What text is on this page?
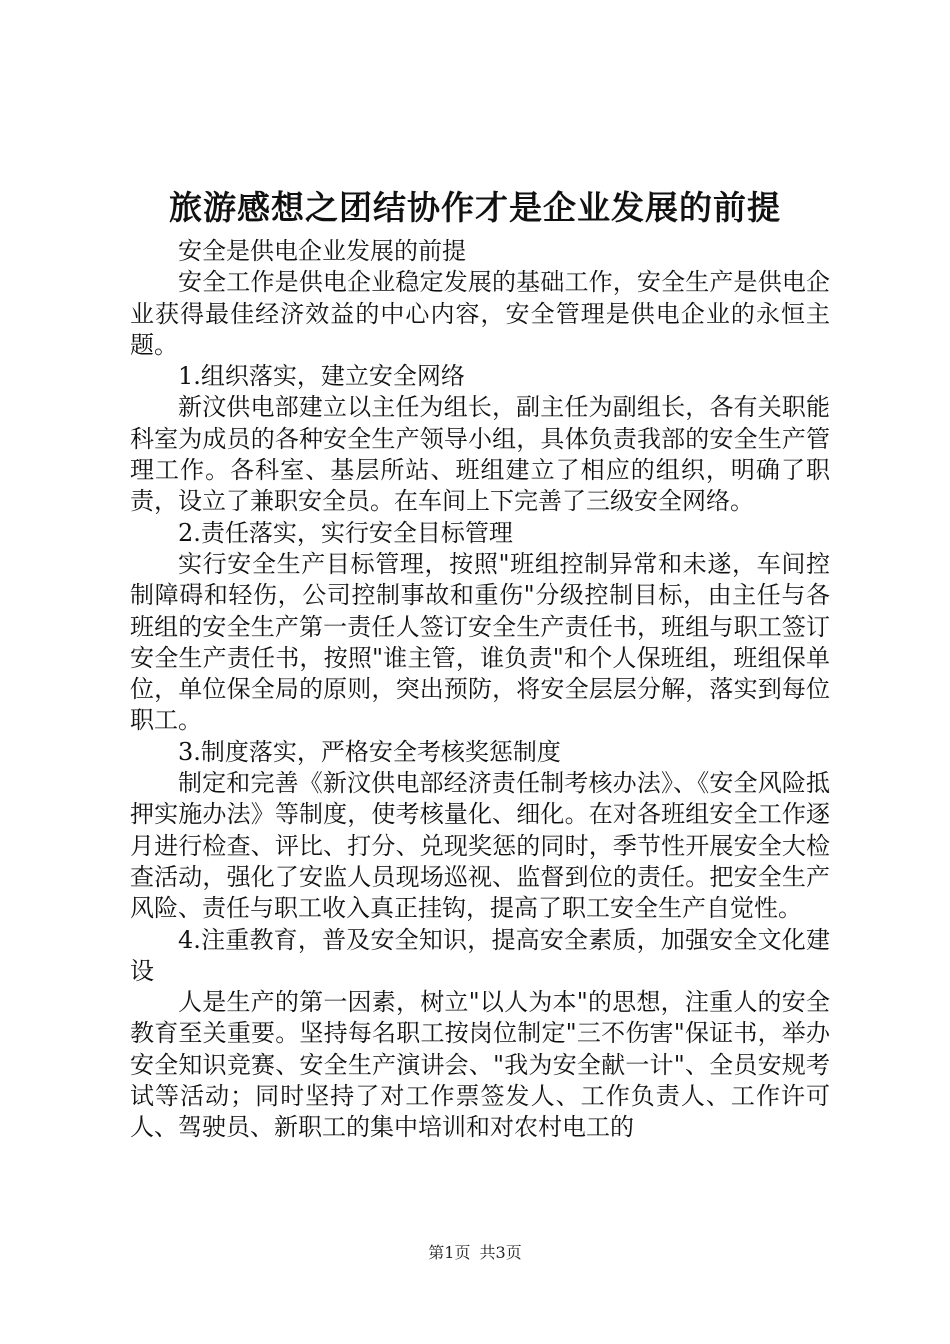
旅游感想之团结协作才是企业发展的前提

安全是供电企业发展的前提

安全工作是供电企业稳定发展的基础工作，安全生产是供电企业获得最佳经济效益的中心内容，安全管理是供电企业的永恒主题。

1.组织落实，建立安全网络

新汶供电部建立以主任为组长，副主任为副组长，各有关职能科室为成员的各种安全生产领导小组，具体负责我部的安全生产管理工作。各科室、基层所站、班组建立了相应的组织，明确了职责，设立了兼职安全员。在车间上下完善了三级安全网络。

2.责任落实，实行安全目标管理

实行安全生产目标管理，按照"班组控制异常和未遂，车间控制障碍和轻伤，公司控制事故和重伤"分级控制目标，由主任与各班组的安全生产第一责任人签订安全生产责任书，班组与职工签订安全生产责任书，按照"谁主管，谁负责"和个人保班组，班组保单位，单位保全局的原则，突出预防，将安全层层分解，落实到每位职工。

3.制度落实，严格安全考核奖惩制度

制定和完善《新汶供电部经济责任制考核办法》、《安全风险抵押实施办法》等制度，使考核量化、细化。在对各班组安全工作逐月进行检查、评比、打分、兑现奖惩的同时，季节性开展安全大检查活动，强化了安监人员现场巡视、监督到位的责任。把安全生产风险、责任与职工收入真正挂钩，提高了职工安全生产自觉性。

4.注重教育，普及安全知识，提高安全素质，加强安全文化建设

人是生产的第一因素，树立"以人为本"的思想，注重人的安全教育至关重要。坚持每名职工按岗位制定"三不伤害"保证书，举办安全知识竞赛、安全生产演讲会、"我为安全献一计"、全员安规考试等活动；同时坚持了对工作票签发人、工作负责人、工作许可人、驾驶员、新职工的集中培训和对农村电工的

第1页 共3页
